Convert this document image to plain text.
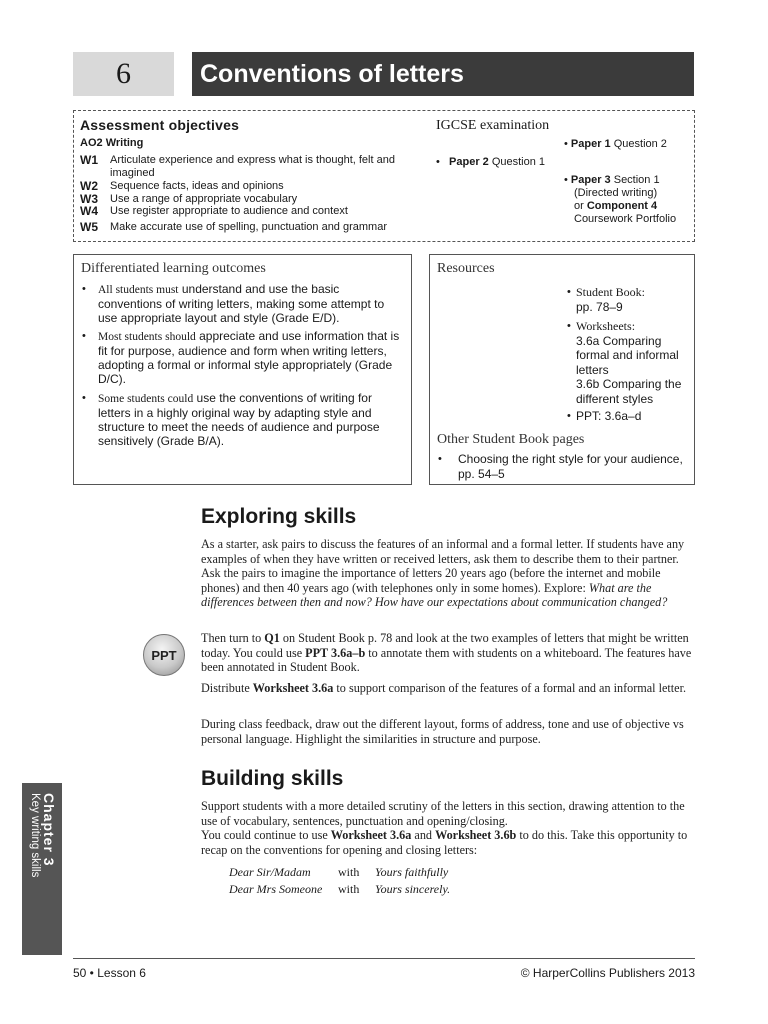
6	Conventions of letters
Assessment objectives
AO2 Writing
W1	Articulate experience and express what is thought, felt and imagined
W2	Sequence facts, ideas and opinions
W3	Use a range of appropriate vocabulary
W4	Use register appropriate to audience and context
W5	Make accurate use of spelling, punctuation and grammar
IGCSE examination
•   Paper 2 Question 1
• Paper 1 Question 2
• Paper 3 Section 1
(Directed writing)
or Component 4
Coursework Portfolio
Differentiated learning outcomes
•	All students must understand and use the basic conventions of writing letters, making some attempt to use appropriate layout and style (Grade E/D).
•	Most students should appreciate and use information that is fit for purpose, audience and form when writing letters, adopting a formal or informal style appropriately (Grade D/C).
•	Some students could use the conventions of writing for letters in a highly original way by adapting style and structure to meet the needs of audience and purpose sensitively (Grade B/A).
Resources
• Student Book:
pp. 78–9
• Worksheets:
3.6a Comparing formal and informal letters
3.6b Comparing the different styles
• PPT: 3.6a–d
Other Student Book pages
•	Choosing the right style for your audience, pp. 54–5
Exploring skills
As a starter, ask pairs to discuss the features of an informal and a formal letter. If students have any examples of when they have written or received letters, ask them to describe them to their partner. Ask the pairs to imagine the importance of letters 20 years ago (before the internet and mobile phones) and then 40 years ago (with telephones only in some homes). Explore: What are the differences between then and now? How have our expectations about communication changed?
PPT
Then turn to Q1 on Student Book p. 78 and look at the two examples of letters that might be written today. You could use PPT 3.6a–b to annotate them with students on a whiteboard. The features have been annotated in Student Book.
Distribute Worksheet 3.6a to support comparison of the features of a formal and an informal letter.
During class feedback, draw out the different layout, forms of address, tone and use of objective vs personal language. Highlight the similarities in structure and purpose.
Building skills
Support students with a more detailed scrutiny of the letters in this section, drawing attention to the use of vocabulary, sentences, punctuation and opening/closing.
You could continue to use Worksheet 3.6a and Worksheet 3.6b to do this. Take this opportunity to recap on the conventions for opening and closing letters:
Dear Sir/Madam with Yours faithfully
Dear Mrs Someone with Yours sincerely.
Chapter 3
Key writing skills
50 • Lesson 6	© HarperCollins Publishers 2013
